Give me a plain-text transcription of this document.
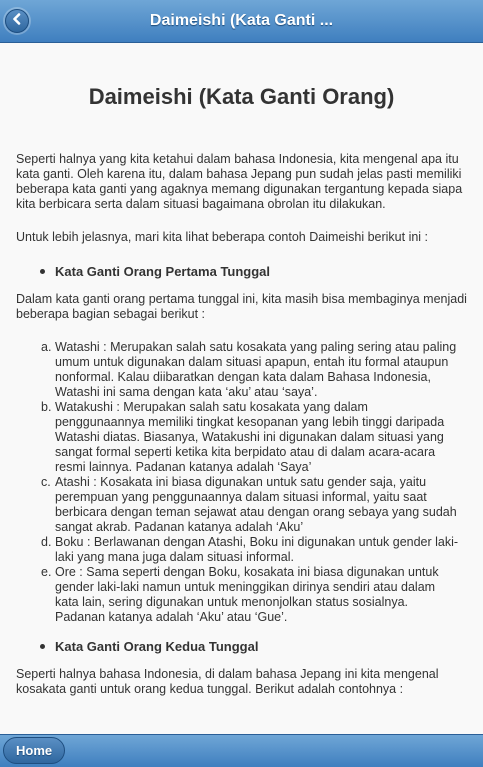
Daimeishi (Kata Ganti ...
Daimeishi (Kata Ganti Orang)

Seperti halnya yang kita ketahui dalam bahasa Indonesia, kita mengenal apa itu kata ganti. Oleh karena itu, dalam bahasa Jepang pun sudah jelas pasti memiliki beberapa kata ganti yang agaknya memang digunakan tergantung kepada siapa kita berbicara serta dalam situasi bagaimana obrolan itu dilakukan.

Untuk lebih jelasnya, mari kita lihat beberapa contoh Daimeishi berikut ini :

Kata Ganti Orang Pertama Tunggal

Dalam kata ganti orang pertama tunggal ini, kita masih bisa membaginya menjadi beberapa bagian sebagai berikut :

a. Watashi : Merupakan salah satu kosakata yang paling sering atau paling umum untuk digunakan dalam situasi apapun, entah itu formal ataupun nonformal. Kalau diibaratkan dengan kata dalam Bahasa Indonesia, Watashi ini sama dengan kata ‘aku’ atau ‘saya’.
b. Watakushi : Merupakan salah satu kosakata yang dalam penggunaannya memiliki tingkat kesopanan yang lebih tinggi daripada Watashi diatas. Biasanya, Watakushi ini digunakan dalam situasi yang sangat formal seperti ketika kita berpidato atau di dalam acara-acara resmi lainnya. Padanan katanya adalah ‘Saya’
c. Atashi : Kosakata ini biasa digunakan untuk satu gender saja, yaitu perempuan yang penggunaannya dalam situasi informal, yaitu saat berbicara dengan teman sejawat atau dengan orang sebaya yang sudah sangat akrab. Padanan katanya adalah ‘Aku’
d. Boku : Berlawanan dengan Atashi, Boku ini digunakan untuk gender laki-laki yang mana juga dalam situasi informal.
e. Ore : Sama seperti dengan Boku, kosakata ini biasa digunakan untuk gender laki-laki namun untuk meninggikan dirinya sendiri atau dalam kata lain, sering digunakan untuk menonjolkan status sosialnya. Padanan katanya adalah ‘Aku’ atau ‘Gue’.
Kata Ganti Orang Kedua Tunggal

Seperti halnya bahasa Indonesia, di dalam bahasa Jepang ini kita mengenal kosakata ganti untuk orang kedua tunggal. Berikut adalah contohnya :

Home
